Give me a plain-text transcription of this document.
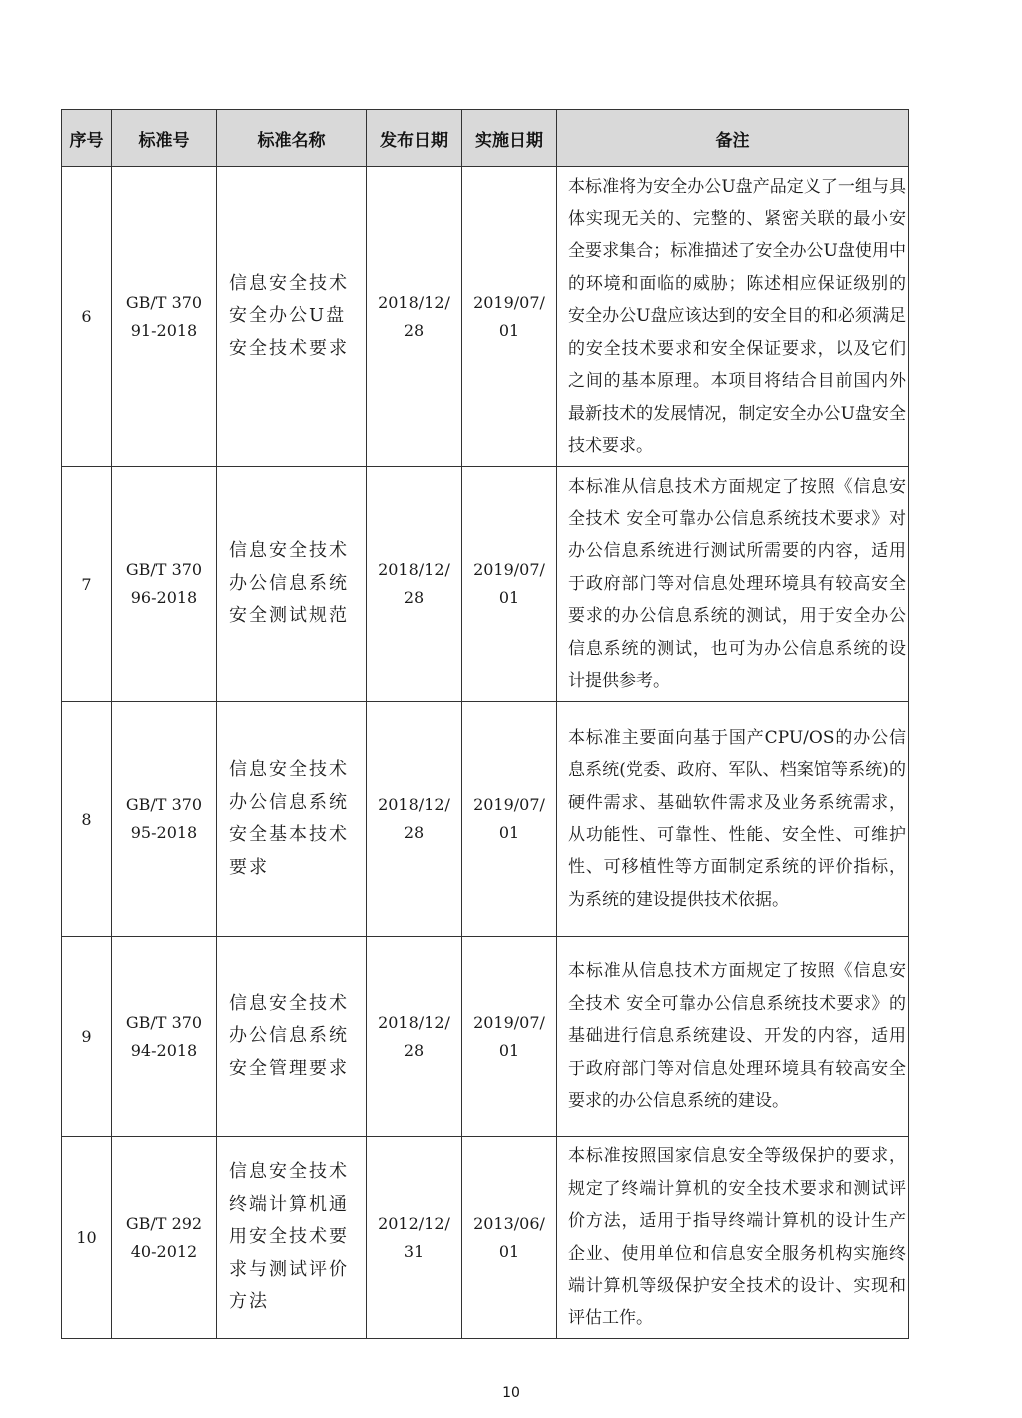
序号	标准号	标准名称	发布日期	实施日期	备注
6	GB/T 37091-2018	信息安全技术 安全办公U盘安全技术要求	2018/12/28	2019/07/01	本标准将为安全办公U盘产品定义了一组与具体实现无关的、完整的、紧密关联的最小安全要求集合；标准描述了安全办公U盘使用中的环境和面临的威胁；陈述相应保证级别的安全办公U盘应该达到的安全目的和必须满足的安全技术要求和安全保证要求，以及它们之间的基本原理。本项目将结合目前国内外最新技术的发展情况，制定安全办公U盘安全技术要求。
7	GB/T 37096-2018	信息安全技术 办公信息系统安全测试规范	2018/12/28	2019/07/01	本标准从信息技术方面规定了按照《信息安全技术 安全可靠办公信息系统技术要求》对办公信息系统进行测试所需要的内容，适用于政府部门等对信息处理环境具有较高安全要求的办公信息系统的测试，用于安全办公信息系统的测试，也可为办公信息系统的设计提供参考。
8	GB/T 37095-2018	信息安全技术 办公信息系统安全基本技术要求	2018/12/28	2019/07/01	本标准主要面向基于国产CPU/OS的办公信息系统(党委、政府、军队、档案馆等系统)的硬件需求、基础软件需求及业务系统需求，从功能性、可靠性、性能、安全性、可维护性、可移植性等方面制定系统的评价指标，为系统的建设提供技术依据。
9	GB/T 37094-2018	信息安全技术 办公信息系统安全管理要求	2018/12/28	2019/07/01	本标准从信息技术方面规定了按照《信息安全技术 安全可靠办公信息系统技术要求》的基础进行信息系统建设、开发的内容，适用于政府部门等对信息处理环境具有较高安全要求的办公信息系统的建设。
10	GB/T 29240-2012	信息安全技术 终端计算机通用安全技术要求与测试评价方法	2012/12/31	2013/06/01	本标准按照国家信息安全等级保护的要求，规定了终端计算机的安全技术要求和测试评价方法，适用于指导终端计算机的设计生产企业、使用单位和信息安全服务机构实施终端计算机等级保护安全技术的设计、实现和评估工作。
10
